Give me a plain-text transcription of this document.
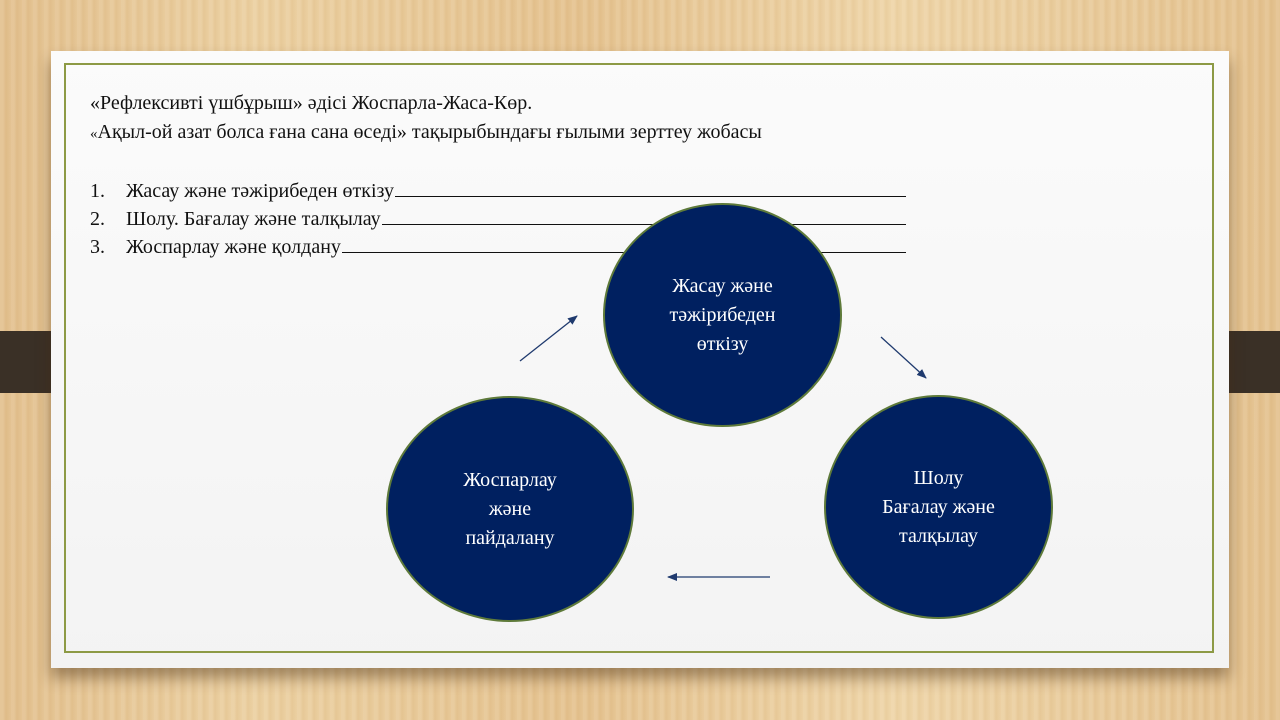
«Рефлексивті үшбұрыш» әдісі Жоспарла-Жаса-Көр.

«Ақыл-ой азат болса ғана сана өседі» тақырыбындағы ғылыми зерттеу жобасы

1.	Жасау және тәжірибеден өткізу
2.	Шолу. Бағалау және талқылау
3.	Жоспарлау және қолдану
Жасау және
тәжірибеден
өткізу
Шолу
Бағалау және
талқылау
Жоспарлау
және
пайдалану
